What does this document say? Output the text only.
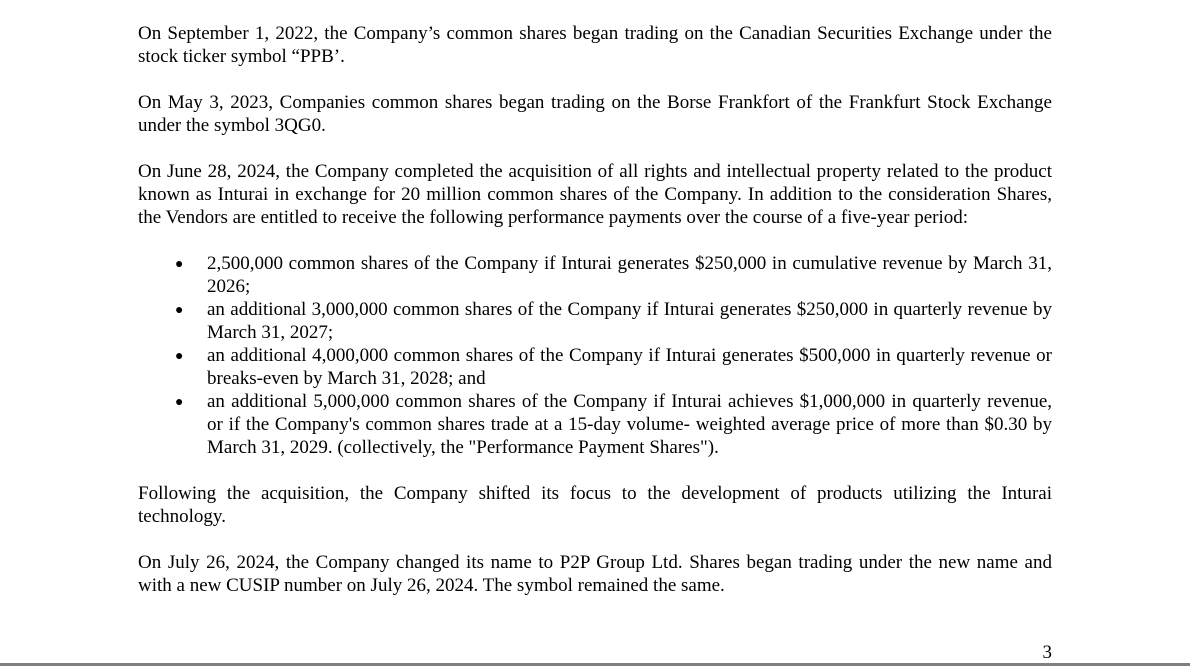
On September 1, 2022, the Company’s common shares began trading on the Canadian Securities Exchange under the stock ticker symbol “PPB’.

On May 3, 2023, Companies common shares began trading on the Borse Frankfort of the Frankfurt Stock Exchange under the symbol 3QG0.

On June 28, 2024, the Company completed the acquisition of all rights and intellectual property related to the product known as Inturai in exchange for 20 million common shares of the Company. In addition to the consideration Shares, the Vendors are entitled to receive the following performance payments over the course of a five-year period:

● 2,500,000 common shares of the Company if Inturai generates $250,000 in cumulative revenue by March 31, 2026;
● an additional 3,000,000 common shares of the Company if Inturai generates $250,000 in quarterly revenue by March 31, 2027;
● an additional 4,000,000 common shares of the Company if Inturai generates $500,000 in quarterly revenue or breaks-even by March 31, 2028; and
● an additional 5,000,000 common shares of the Company if Inturai achieves $1,000,000 in quarterly revenue, or if the Company's common shares trade at a 15-day volume- weighted average price of more than $0.30 by March 31, 2029. (collectively, the "Performance Payment Shares").

Following the acquisition, the Company shifted its focus to the development of products utilizing the Inturai technology.

On July 26, 2024, the Company changed its name to P2P Group Ltd. Shares began trading under the new name and with a new CUSIP number on July 26, 2024. The symbol remained the same.

3
